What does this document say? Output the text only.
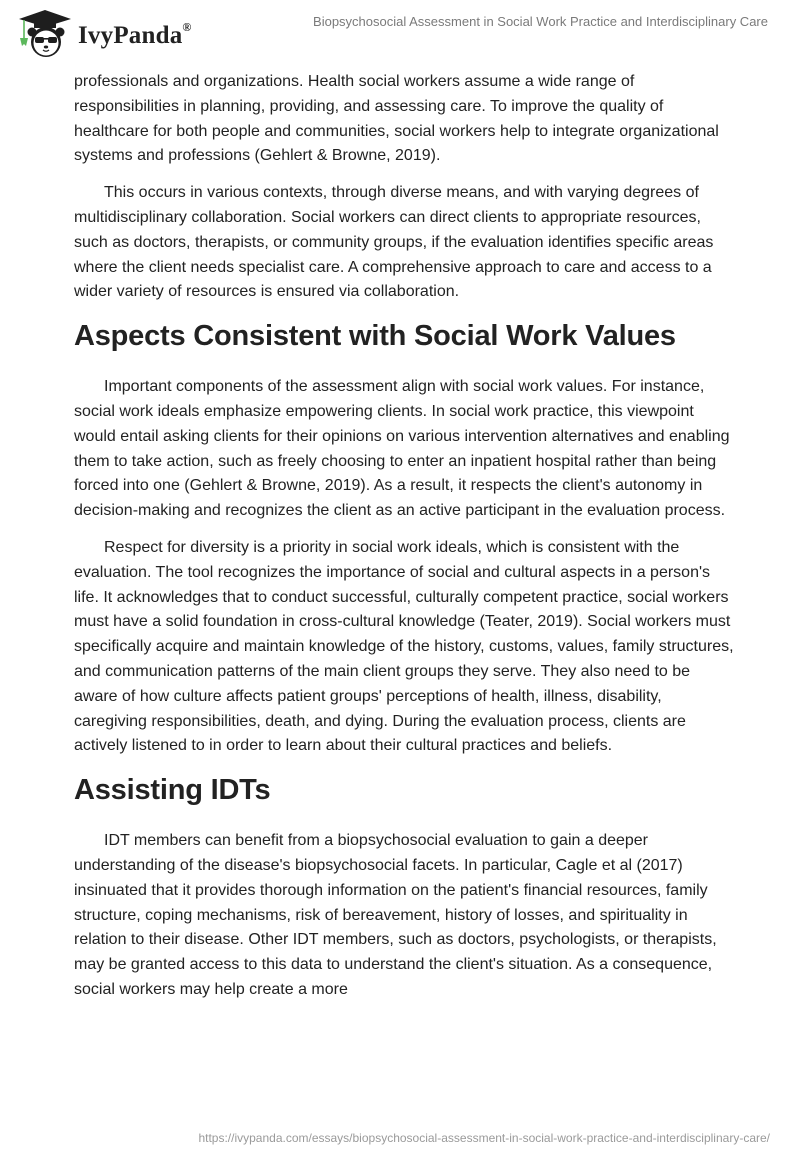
IvyPanda®	Biopsychosocial Assessment in Social Work Practice and Interdisciplinary Care

professionals and organizations. Health social workers assume a wide range of responsibilities in planning, providing, and assessing care. To improve the quality of healthcare for both people and communities, social workers help to integrate organizational systems and professions (Gehlert & Browne, 2019).

This occurs in various contexts, through diverse means, and with varying degrees of multidisciplinary collaboration. Social workers can direct clients to appropriate resources, such as doctors, therapists, or community groups, if the evaluation identifies specific areas where the client needs specialist care. A comprehensive approach to care and access to a wider variety of resources is ensured via collaboration.

Aspects Consistent with Social Work Values

Important components of the assessment align with social work values. For instance, social work ideals emphasize empowering clients. In social work practice, this viewpoint would entail asking clients for their opinions on various intervention alternatives and enabling them to take action, such as freely choosing to enter an inpatient hospital rather than being forced into one (Gehlert & Browne, 2019). As a result, it respects the client's autonomy in decision-making and recognizes the client as an active participant in the evaluation process.

Respect for diversity is a priority in social work ideals, which is consistent with the evaluation. The tool recognizes the importance of social and cultural aspects in a person's life. It acknowledges that to conduct successful, culturally competent practice, social workers must have a solid foundation in cross-cultural knowledge (Teater, 2019). Social workers must specifically acquire and maintain knowledge of the history, customs, values, family structures, and communication patterns of the main client groups they serve. They also need to be aware of how culture affects patient groups' perceptions of health, illness, disability, caregiving responsibilities, death, and dying. During the evaluation process, clients are actively listened to in order to learn about their cultural practices and beliefs.

Assisting IDTs

IDT members can benefit from a biopsychosocial evaluation to gain a deeper understanding of the disease's biopsychosocial facets. In particular, Cagle et al (2017) insinuated that it provides thorough information on the patient's financial resources, family structure, coping mechanisms, risk of bereavement, history of losses, and spirituality in relation to their disease. Other IDT members, such as doctors, psychologists, or therapists, may be granted access to this data to understand the client's situation. As a consequence, social workers may help create a more

https://ivypanda.com/essays/biopsychosocial-assessment-in-social-work-practice-and-interdisciplinary-care/
